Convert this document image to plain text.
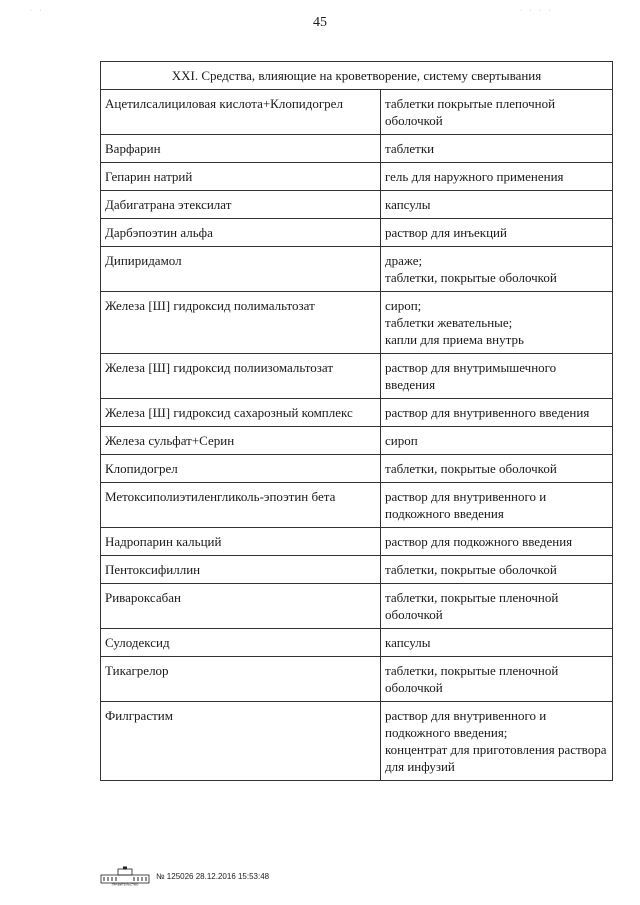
· ·	· · · ·
45
XXI. Средства, влияющие на кроветворение, систему свертывания	
Ацетилсалициловая кислота+Клопидогрел	таблетки покрытые плепочной оболочкой
Варфарин	таблетки
Гепарин натрий	гель для наружного применения
Дабигатрана этексилат	капсулы
Дарбэпоэтин альфа	раствор для инъекций
Дипиридамол	драже;
таблетки, покрытые оболочкой
Железа [Ш] гидроксид полимальтозат	сироп;
таблетки жевательные;
капли для приема внутрь
Железа [Ш] гидроксид полиизомальтозат	раствор для внутримышечного введения
Железа [Ш] гидроксид сахарозный комплекс	раствор для внутривенного введения
Железа сульфат+Серин	сироп
Клопидогрел	таблетки, покрытые оболочкой
Метоксиполиэтиленгликоль-эпоэтин бета	раствор для внутривенного и подкожного введения
Надропарин кальций	раствор для подкожного введения
Пентоксифиллин	таблетки, покрытые оболочкой
Ривароксабан	таблетки, покрытые пленочной оболочкой
Сулодексид	капсулы
Тикагрелор	таблетки, покрытые пленочной оболочкой
Филграстим	раствор для внутривенного и подкожного введения;
концентрат для приготовления раствора для инфузий
ПРАВИТЕЛЬСТВО
№ 125026 28.12.2016 15:53:48
